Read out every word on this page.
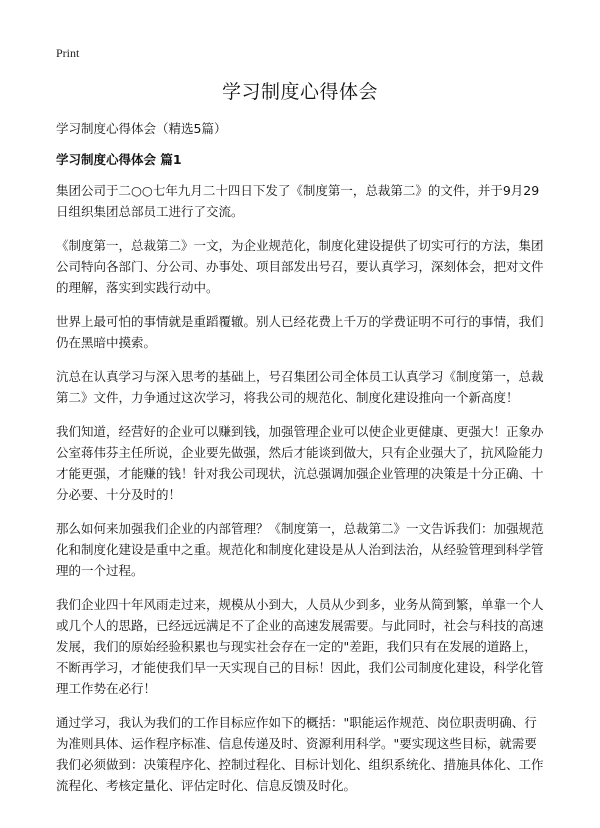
Print
学习制度心得体会
学习制度心得体会（精选5篇）
学习制度心得体会 篇1

集团公司于二○○七年九月二十四日下发了《制度第一，总裁第二》的文件，并于9月29日组织集团总部员工进行了交流。

《制度第一，总裁第二》一文，为企业规范化，制度化建设提供了切实可行的方法，集团公司特向各部门、分公司、办事处、项目部发出号召，要认真学习，深刻体会，把对文件的理解，落实到实践行动中。

世界上最可怕的事情就是重蹈覆辙。别人已经花费上千万的学费证明不可行的事情，我们仍在黑暗中摸索。

沆总在认真学习与深入思考的基础上，号召集团公司全体员工认真学习《制度第一，总裁第二》文件，力争通过这次学习，将我公司的规范化、制度化建设推向一个新高度！

我们知道，经营好的企业可以赚到钱，加强管理企业可以使企业更健康、更强大！正象办公室蒋伟芬主任所说，企业要先做强，然后才能谈到做大，只有企业强大了，抗风险能力才能更强，才能赚的钱！针对我公司现状，沆总强调加强企业管理的决策是十分正确、十分必要、十分及时的！

那么如何来加强我们企业的内部管理？《制度第一，总裁第二》一文告诉我们：加强规范化和制度化建设是重中之重。规范化和制度化建设是从人治到法治，从经验管理到科学管理的一个过程。

我们企业四十年风雨走过来，规模从小到大，人员从少到多，业务从简到繁，单靠一个人或几个人的思路，已经远远满足不了企业的高速发展需要。与此同时，社会与科技的高速发展，我们的原始经验积累也与现实社会存在一定的"差距，我们只有在发展的道路上，不断再学习，才能使我们早一天实现自己的目标！因此，我们公司制度化建设，科学化管理工作势在必行！

通过学习，我认为我们的工作目标应作如下的概括："职能运作规范、岗位职责明确、行为准则具体、运作程序标准、信息传递及时、资源利用科学。"要实现这些目标，就需要我们必须做到：决策程序化、控制过程化、目标计划化、组织系统化、措施具体化、工作流程化、考核定量化、评估定时化、信息反馈及时化。
